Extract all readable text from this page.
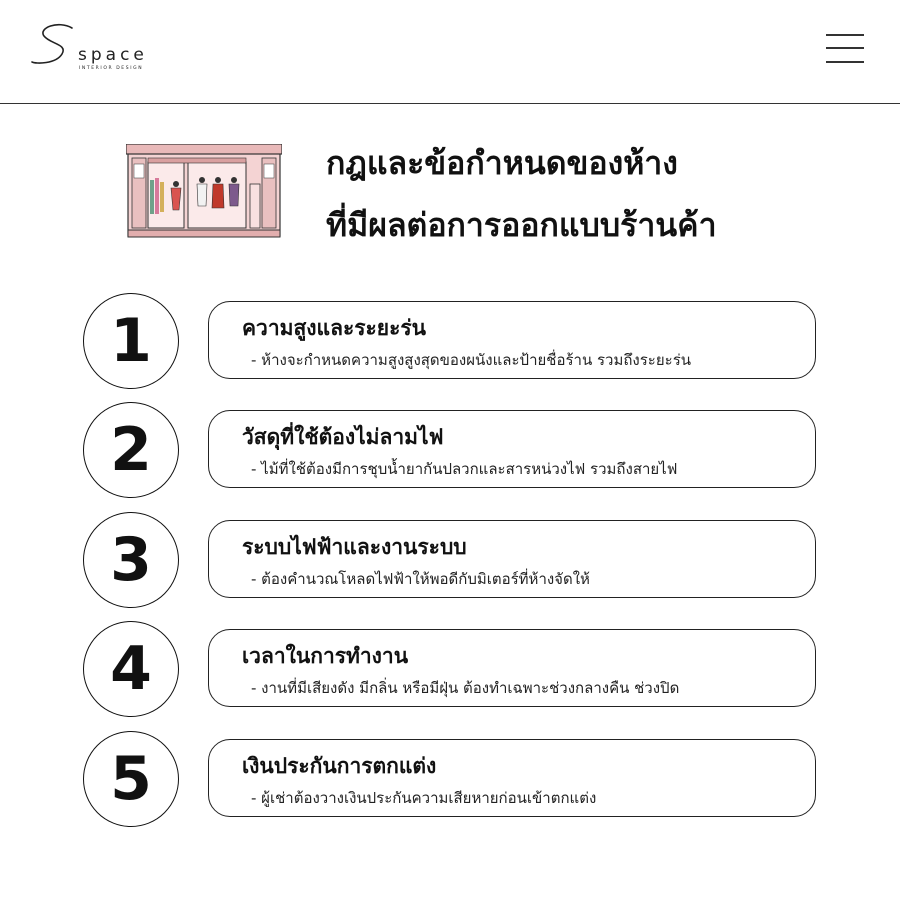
space
INTERIOR DESIGN
กฎและข้อกำหนดของห้าง
ที่มีผลต่อการออกแบบร้านค้า
1	ความสูงและระยะร่น
- ห้างจะกำหนดความสูงสูงสุดของผนังและป้ายชื่อร้าน รวมถึงระยะร่น
2	วัสดุที่ใช้ต้องไม่ลามไฟ
- ไม้ที่ใช้ต้องมีการชุบน้ำยากันปลวกและสารหน่วงไฟ รวมถึงสายไฟ
3	ระบบไฟฟ้าและงานระบบ
- ต้องคำนวณโหลดไฟฟ้าให้พอดีกับมิเตอร์ที่ห้างจัดให้
4	เวลาในการทำงาน
- งานที่มีเสียงดัง มีกลิ่น หรือมีฝุ่น ต้องทำเฉพาะช่วงกลางคืน ช่วงปิด
5	เงินประกันการตกแต่ง
- ผู้เช่าต้องวางเงินประกันความเสียหายก่อนเข้าตกแต่ง
